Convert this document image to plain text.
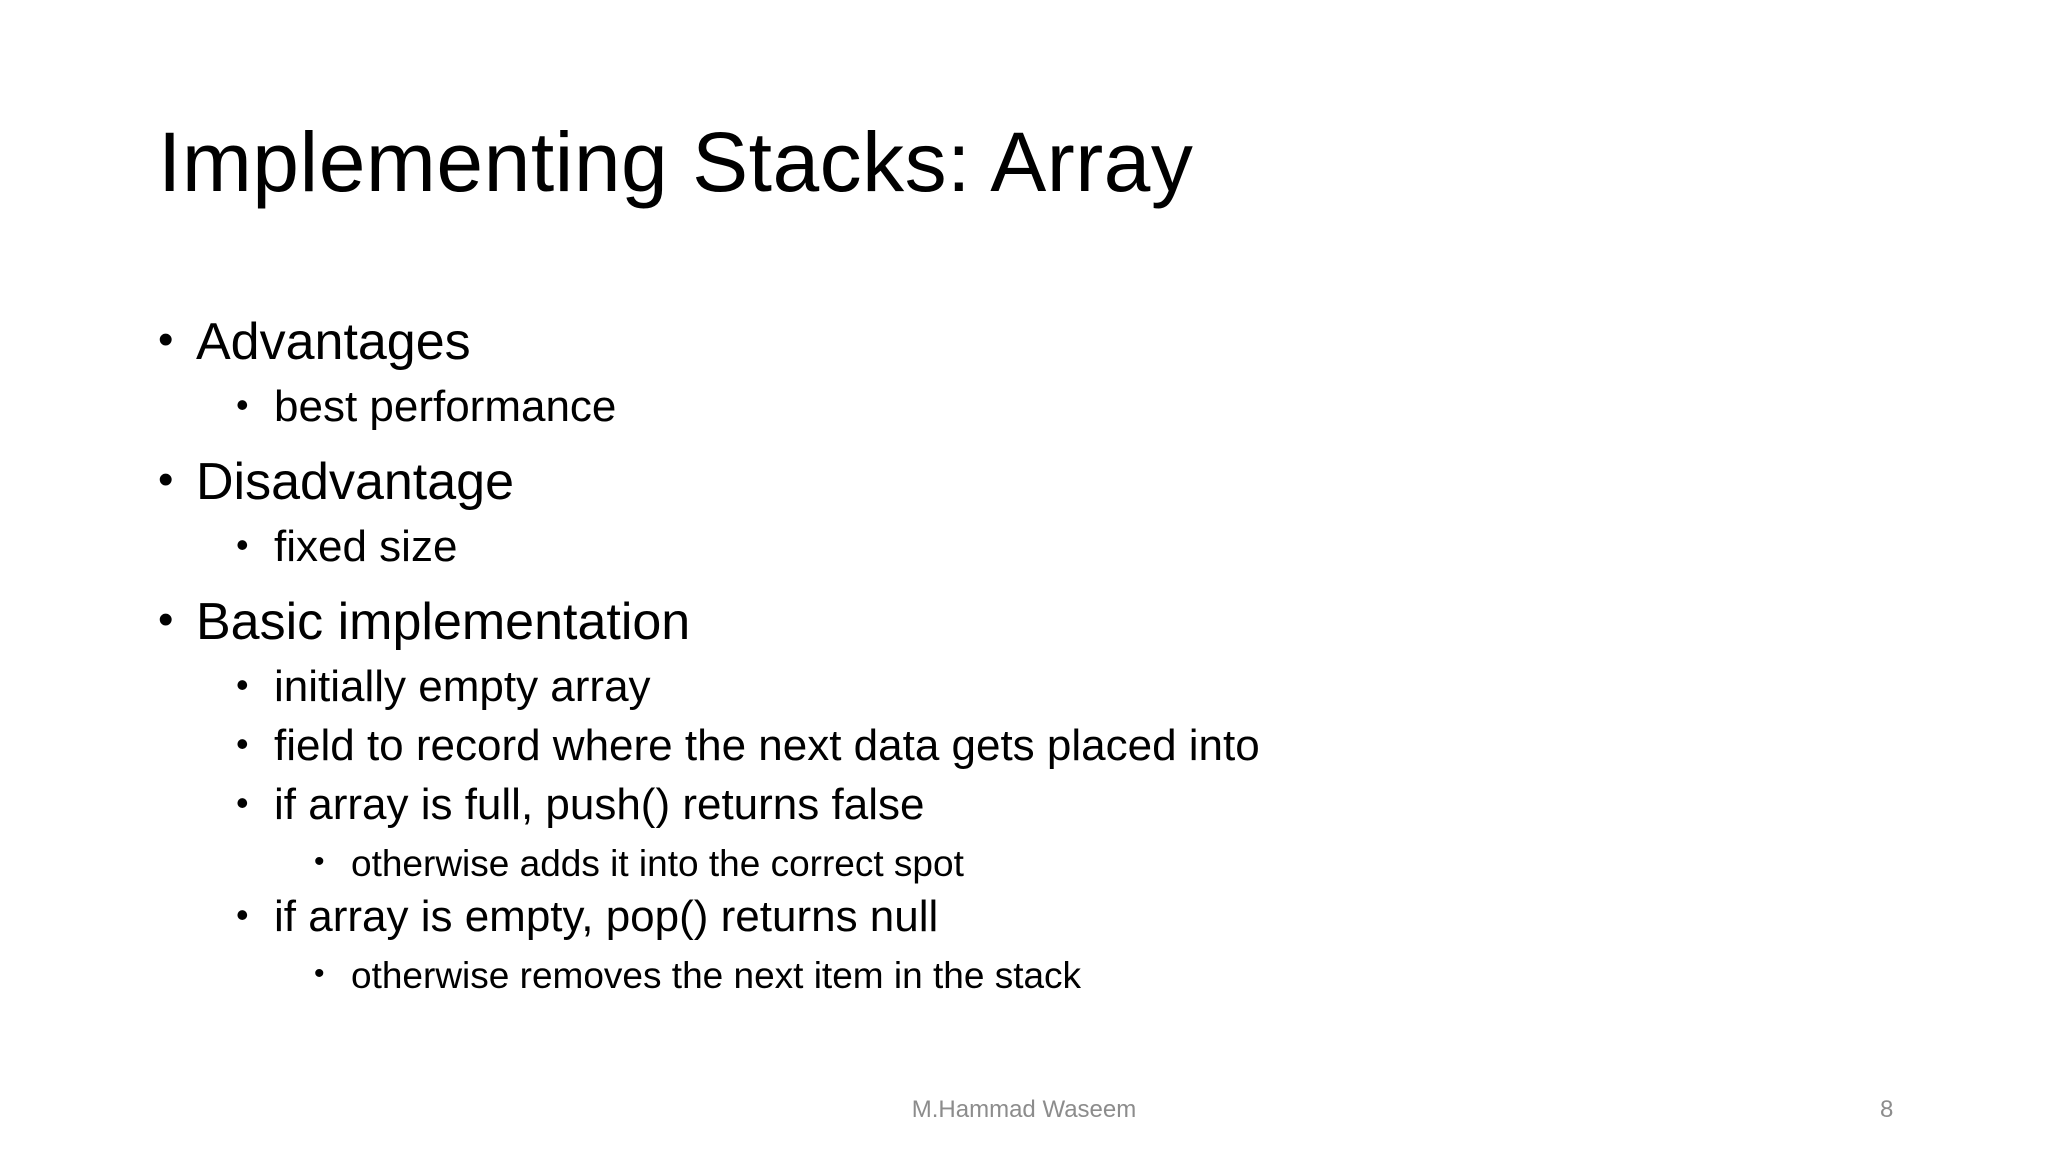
Implementing Stacks: Array
• Advantages
• best performance
• Disadvantage
• fixed size
• Basic implementation
• initially empty array
• field to record where the next data gets placed into
• if array is full, push() returns false
• otherwise adds it into the correct spot
• if array is empty, pop() returns null
• otherwise removes the next item in the stack
M.Hammad Waseem	8
